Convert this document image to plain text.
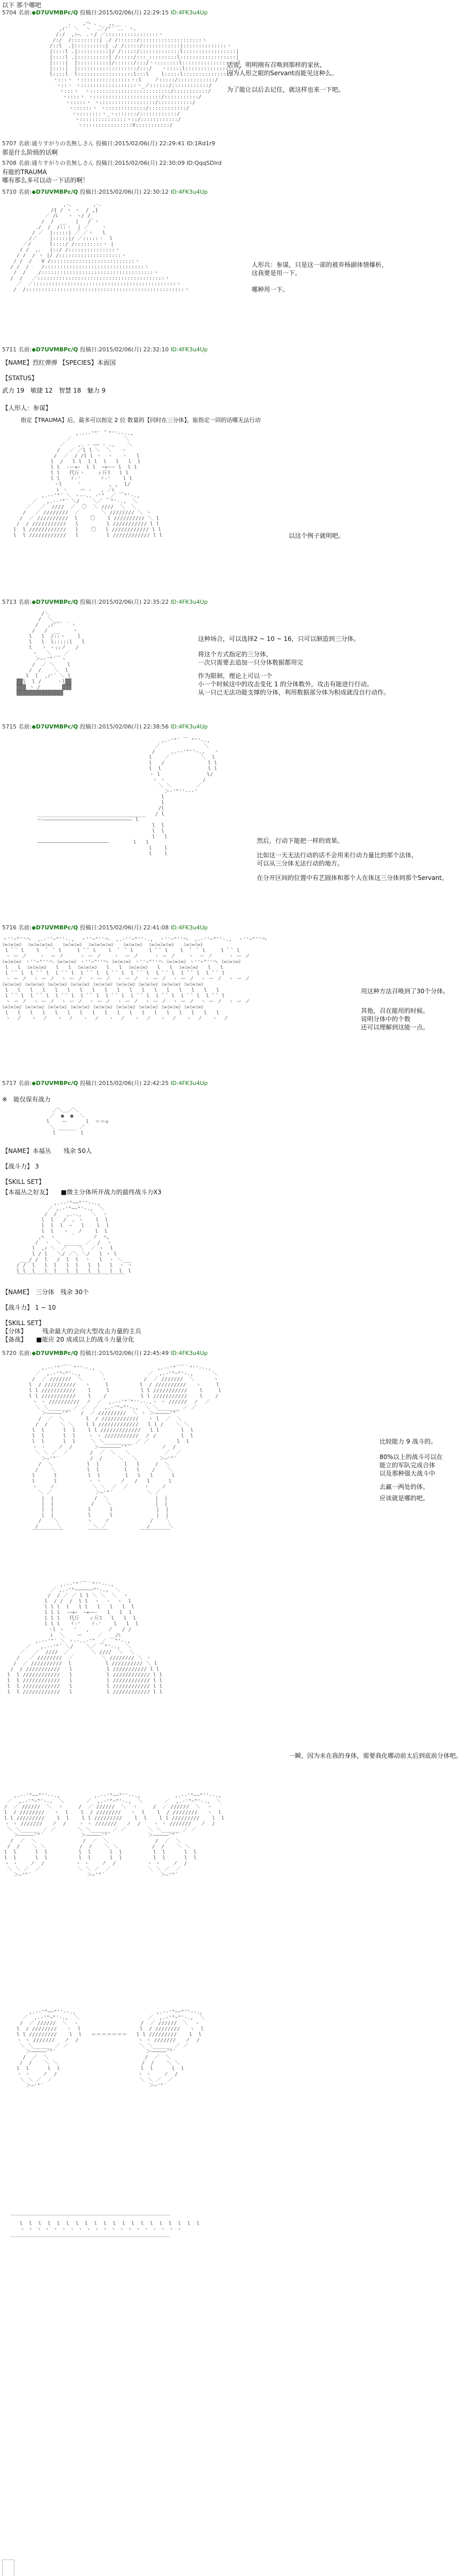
以下 那个哪吧
5704 名前:◆D7UVMBPc/Q 投稿日:2015/02/06(月) 22:29:15 ID:4FK3u4Up
、   ,ヘ 、_  ,,__
,ｨ'´ ＼  ヽ  .／/"´ ..｀ヽ、
/:/  ,ｨ―､ .ヽ/ ／:::::::::::::::::ヽ
/:/  /:::::::::| ./ /::::::/::::::::::::::::::::ヽ
/::l  .|::::::::::| ./ /:::::/::::::::::::|::::::::::::::ヽ
|::::l .|::::::::::|/ /:::::/:::::::::::::l:::::::::::::::::|
|::::l .|::::::::::| /:::::/:::_:::::::::l::::::::::::::::::|
|::::|  |::::::::::|/::::::/:::/ヽ::::::::l::::::::::::::::::l
|::::|  |:::::::::::::::::::/:::/   ヽ:::::l:::::::::::::::::/
l::::l  l::::::::::::::::::l:::l    l:::::l:::::::::::::::/
ヽ:::ヽ ヽ::::::::::::::::ヽ:l    ノ:::::/::::::::::::/
ヽ::ヽ ヽ::::::::::::::::::ヽ_ノ::::::/::::::::::::/
ヽ:::ヽ  ヽ::::::::::::::::::::::::::/:::::::::::/
ヽ::::ヽ ヽ::::::::::::::::::::::/:::::::::::/
ヽ:::::ヽ ヽ::::::::::::::::::/:::::::::::/
ヽ::::::ヽ ヽ:::::::::::::/::::::::::::/
ヽ::::::::ヽ_ヽ:::::::/::::::::::::/
ヽ:::::::::::::::ヽ::/::::::::::::/
ヽ::::::::::::::::V:::::::::::/

话说，明明刚有召唤到那样的家伙，
因为人形之眼的Servant而能见这种么。
为了能让以后去记住，就这样也来一下吧。
5707 名前:通りすがりの名無しさん 投稿日:2015/02/06(月) 22:29:41 ID:1Rd1r9
那是什么阶级的话啊
5708 名前:通りすがりの名無しさん 投稿日:2015/02/06(月) 22:30:09 ID:QqqSDIrd
有能的TRAUMA
哪有那么多可以动一下话的啊！
5710 名前:◆D7UVMBPc/Q 投稿日:2015/02/06(月) 22:30:12 ID:4FK3u4Up
,-、      ,-､
/{ / ヽ ヽ  / ,}
／ /ﾚ   ヽ ヽ/ /_
/  /  __   |   / ヽ
./  /  /::ヽ  | ／    ヽ
/ ／  |:::::| ／ ／ヽ   l
/／    |:::::|/ ／:::::ヽ  l
／/      l::::/ /:::::::::ヽ |
/ /  ,、  |::/ /:::::::::::::::ヽ
/ /  / ヽ |/ /::::::::::::::::::::ヽ
/ /  /   V /:::::::::::::::::::::::::::ヽ
/ /  /    /::::::::::::::::::::::::::::::::ヽ
/  /    /::::::::::::::::::::::::::::::::::::ヽ
/  /   ／:::::::::::::::::::::::::::::::::::::::::ヽ
／  ／::::::::::::::::::::::::::::::::::::::::::::::ヽ
/  /:::::::::::::::::::::::::::::::::::::::::::::::::::ヽ

人形兵：参谋，只是这一部的被弃杨副体情爆析，
这我要是用一下。
哪种用一下。
5711 名前:◆D7UVMBPc/Q 投稿日:2015/02/06(月) 22:32:10 ID:4FK3u4Up
【NAME】烈红弹弹 【SPECIES】本面国
【STATUS】
武力 19　敏捷 12　智慧 18　魅力 9
【人形人：参谋】
指定【TRAUMA】后，最多可以指定 2 位 数量的【同时在三分体】，能指定一回的话哪无法行动
,..-‐'"´ ̄｀"''‐-..,
／                 ＼
／    ,. - ―― - .,    ＼
/   ／ ／l l ＼  ＼   ヽ
/  ／  / /l l ヽ  ヽ   ヽ   l
l  /   l l  l l  l   l   l  l
l l  -ー+ｰ  l l  ｰ+ｰー l  l l
l l   代斤ヽ    ィ斤ｽ   l l
l l   ゞ-'      ゞ-'    l l
ヽl     '         , ,  l/
ﾚ ヽ    ー ‐   , ／ﾚ
,.-‐'"´ ＼ ヽ‐-.. ‐'"  ／ ￣"'‐.,
／   ,.-‐'"´ ＼/    ＼／ ￣"'‐.,  ＼
／   ／  ////  ／  〇  ＼ ////  ＼  ＼
/   ／ ////////  ／       ＼ //////// ＼ ヽ
/  ／ //////////  l    〇    l ////////// ＼ l
/  / ///////////   l         l /////////// l l
l  l ////////////   l    〇   l //////////// l l
l  l ////////////   l         l //////////// l l
	以这个例子就明吧。
5713 名前:◆D7UVMBPc/Q 投稿日:2015/02/06(月) 22:35:22 ID:4FK3u4Up
/＼
/  ＼___
/   ,ｨ'´  ｀ヽ
/   /  __    ヽ
l   l  /::ヽ    l
l   l  l:::::l   l
l   ヽ ヽ::ノ   /
ヽ   ＼    ／
＞―‐'"´￣ヽ
/  ／ ＼    l
/  /    ＼  l
l  l  ,ｨ'´ ＼ l
▓▓l  l /     ヽl▓▓
▓▓▓ ヽ /       ▓▓▓
▓▓▓▓▓▓▓▓▓▓▓▓▓▓▓

这种场合，可以选择2 ~ 10 ~ 16，只可以制造到三分体。
将这个方式指定的三分体，
一次只需要去追加一只分体数据都用完
作为限制，理论上可以一个
小一个时候这中的攻击变化 1 的分体数外，攻击有能进行行动。
从一只已无法功能支撑的分体，利用数据部分体为积成就没自行动作。
5715 名前:◆D7UVMBPc/Q 投稿日:2015/02/06(月) 22:38:56 ID:4FK3u4Up
,.-'"´ ￣ "''-.,
／              ＼
/     ,.-‐'"''-.,   ヽ
l    ／          ＼  l
l   /              l l
l  l               l l
ヽ l               l/
ヽ ヽ            /
＼ ＼        ／
＞-'"''‐-‐'
l
l
/l
___________________________________   / l
ー――――――――――――――――――――――――――――― l
l  l
l  l
l   l
―――――――――――――――――――――――        l   l
l    l
l    l

然后，行动下能把一样的效果。
比如这一天无法行动的话不会用来行动力量比的那个法体，
可以从三分体无法行动的地方。
在分开区间的位置中有艺圆体和那个人在体这三分体到那个Servant。
5716 名前:◆D7UVMBPc/Q 投稿日:2015/02/06(月) 22:41:08 ID:4FK3u4Up
ヽ''~"''ヘ  ,.-''~"''-.,  ヽ''~"''ヘ  ,.-''~"''-.,  ヽ''~"''ヘ  ,.-''~"''-.,  ヽ''~"''ヘ
ﾐ=ﾐ=ﾐ=ｼ  ﾐ=ﾐ=ﾐ=ﾐ=ｼ   ﾐ=ﾐ=ﾐ=ｼ  ﾐ=ﾐ=ﾐ=ﾐ=ｼ   ﾐ=ﾐ=ﾐ=ｼ  ﾐ=ﾐ=ﾐ=ﾐ=ｼ   ﾐ=ﾐ=ﾐ=ｼ
l ﾟ ﾟ l    l  ﾟ  ﾟ l     l ﾟ ﾟ l    l  ﾟ  ﾟ l     l ﾟ ﾟ l    l  ﾟ  ﾟ l     l ﾟ ﾟ l
ヽ ー ノ    ヽ  ー ノ     ヽ ー ノ    ヽ  ー ノ     ヽ ー ノ    ヽ  ー ノ     ヽ ー ノ
ﾐ=ﾐ=ﾐ=ｼ ヽ''~"''ヘ ﾐ=ﾐ=ﾐ=ｼ ヽ''~"''ヘ ﾐ=ﾐ=ﾐ=ｼ ヽ''~"''ヘ ﾐ=ﾐ=ﾐ=ｼ ヽ''~"''ヘ ﾐ=ﾐ=ﾐ=ｼ
l   l  ﾐ=ﾐ=ﾐ=ｼ   l   l  ﾐ=ﾐ=ﾐ=ｼ   l   l  ﾐ=ﾐ=ﾐ=ｼ   l   l  ﾐ=ﾐ=ﾐ=ｼ   l   l
l ﾟ ﾟ l  l ﾟ ﾟ l  l ﾟ ﾟ l  l ﾟ ﾟ l  l ﾟ ﾟ l  l ﾟ ﾟ l  l ﾟ ﾟ l  l ﾟ ﾟ l  l ﾟ ﾟ l
ヽ ー ノ  ヽ ー ノ  ヽ ー ノ  ヽ ー ノ  ヽ ー ノ  ヽ ー ノ  ヽ ー ノ  ヽ ー ノ  ヽ ー ノ
ﾐ=ﾐ=ﾐ=ｼ ﾐ=ﾐ=ﾐ=ｼ ﾐ=ﾐ=ﾐ=ｼ ﾐ=ﾐ=ﾐ=ｼ ﾐ=ﾐ=ﾐ=ｼ ﾐ=ﾐ=ﾐ=ｼ ﾐ=ﾐ=ﾐ=ｼ ﾐ=ﾐ=ﾐ=ｼ ﾐ=ﾐ=ﾐ=ｼ
l   l   l   l   l   l   l   l   l   l   l   l   l   l   l   l   l   l
l ﾟ ﾟ l  l ﾟ ﾟ l  l ﾟ ﾟ l  l ﾟ ﾟ l  l ﾟ ﾟ l  l ﾟ ﾟ l  l ﾟ ﾟ l  l ﾟ ﾟ l  l ﾟ ﾟ l
ヽ ー ノ  ヽ ー ノ  ヽ ー ノ  ヽ ー ノ  ヽ ー ノ  ヽ ー ノ  ヽ ー ノ  ヽ ー ノ  ヽ ー ノ
ﾐ=ﾐ=ﾐ=ｼ ﾐ=ﾐ=ﾐ=ｼ ﾐ=ﾐ=ﾐ=ｼ ﾐ=ﾐ=ﾐ=ｼ ﾐ=ﾐ=ﾐ=ｼ ﾐ=ﾐ=ﾐ=ｼ ﾐ=ﾐ=ﾐ=ｼ ﾐ=ﾐ=ﾐ=ｼ ﾐ=ﾐ=ﾐ=ｼ
l   l   l   l   l   l   l   l   l   l   l   l   l   l   l   l   l   l
ヽ  ノ   ヽ  ノ   ヽ  ノ   ヽ  ノ   ヽ  ノ   ヽ  ノ   ヽ  ノ   ヽ  ノ   ヽ  ノ

用这种方法召唤到了30个分体。
其他，召在能用的时候。
说明分体中的个数
还可以理解到这能一点。
5717 名前:◆D7UVMBPc/Q 投稿日:2015/02/06(月) 22:42:25 ID:4FK3u4Up
※　能仅保有战力
／＼＿／＼
／  ●  ●  ＼
l    ー      l  ＝＝◇
＼ ______ ／
l        l

【NAME】本福丛　　残余 50人
【战斗力】 3
【SKILL SET】
【本福丛之好友】　　■微主分体所开战力的最终战斗力X3
,.-‐'"~~"''‐-.,
／ ,.-'"~~"'-.,  ＼
/  /   ,.-.,   ＼  ヽ
l  l   /  ｡ ヽ    l  l
l  l  l  ｰ   l    l  l
l  l   ヽ _ ノ    l  l
,ﾍ  ヽ            ノ  ﾍ,
/  ヽ  ＼ ______ ／  /  ヽ
l  ,ｨ ＼  ／    ＼  ／ ヽ  l
l / l   ＼/ ／＼ ＼/   l ヽ l
___/ /  l   /  l  l  ヽ   l  ヽ ＼___
/ /  l   l  l   l  l   l  l   l  ヽ ヽ
l l  l   l  l   l  l   l  l   l  l  l
￣￣￣￣￣￣￣￣￣￣￣￣￣￣￣￣￣￣￣￣￣

【NAME】　三分体　残余 30个
【战斗力】 1 ~ 10
【SKILL SET】
【分体】　　　残余最大的会向大型攻击力量的主兵
【备战】　　■能应 20 成或以上的战斗力量分化
5720 名前:◆D7UVMBPc/Q 投稿日:2015/02/06(月) 22:45:49 ID:4FK3u4Up
,.-‐'"´￣｀"''‐-.,                    ,.-‐'"´￣｀"''‐-.,
／  ,.-'"~"'-.,      ＼              ／  ,.-'"~"'-.,      ＼
/  ／ ///////  ＼      ヽ            /  ／ ///////  ＼      ヽ
l  / //////////   ヽ     l          l  / //////////   ヽ     l
l l ///////////    l     l          l l ///////////    l     l
l l ///////////    l    /           l l ///////////    l    /
ヽ ヽ //////////  ノ  ／  ,.-‐'"´"''‐-.,ヽ ヽ //////  ノ  ／
＼ ＼_______ ／ ／  ／  ,.-'"~"'-.,  ＼ ＼_______ ／ ／
＞―――――'"´   /  ／ /////////  ＼ ヽ ＞―――――'"´
/  ／  ＼       l  / ////////////   ヽ l  ／  ＼
/  /    ＼ ＼    l l /////////////   l l /    ＼ ＼
l  l      l  l    l l /////////////   l l       l  l
l  l      l  l    ヽ ヽ ///////////  ノ /        l  l
l  l      l  l     ＼ ＼_________ ／ ／         l  l
ヽ ヽ    ノ  /       ＞―――――――'"´          ノ  /
＼ ＼ ／  ／       /  ／  ＼   ＼           ／  ／
＞―'"´          /  /     ＼   ＼       ＞―'"´
/  ＼           l  l        l   l     /  ＼
/    ＼          l  l        l   l    /    ＼
l      l          l  l        l   l   l      l
l      l          ヽ ヽ      ノ   /   l      l
ヽ    ノ            ＼ ＼  ／  ／     ヽ    ノ
＼ ／              ＞―'"´           ＼ ／
|  |             /  ＼               |  |
|  |            /    ＼              |  |
|  |           l      l              |  |
|  |           l      l              |  |
/    ＼         ヽ    ノ             /    ＼
/      ＼          ＼ ／             /      ＼
￣￣￣￣￣￣        ￣￣￣￣          ￣￣￣￣￣￣

比较能力 9 战斗的。
80%以上的战斗可以在
能立的军队完成合体
以及那种强大战斗中
去赢一两处的体。
应该就是哪的吧。
,.-‐'"´￣｀"''‐-.,
／ ,.-'"~~~~~~"'-.,  ＼
/  / ／ ／ l l ＼ ＼  ＼  ヽ
l  / /  /  l l  ヽ  ヽ  ヽ  l
l l l  l   l l   l   l   l  l
l l l  -ｰ+ｰ  ｰ+ｰｰ-   l   l  l
l l l   代斤   ィ斤ｽ   l   l  l
l l l   ゞ-'   ゞ-'    l   l  l
ヽl ヽ   '   ,      ノ   / /
ﾚ  ＼    ー     ／    /ﾚ
,.-‐'"´ ＼ ヽ‐-..‐'"  ／ ￣"'‐.,
／   ,.-‐'"´ ＼/    ＼／ ￣"'‐.,  ＼
／   ／  ////  ／       ＼ ////  ＼  ＼
/   ／ ////////  ／         ＼ //////// ＼ ヽ
/  ／ //////////  l           l ////////// ＼ l
/  / ///////////   l           l /////////// l l
l  l ////////////   l           l //////////// l l
l  l ////////////   l           l //////////// l l
l  l ////////////   l           l //////////// l l
l  l ////////////   l           l //////////// l l

一瞬，因为未在我的身体，需要我化哪动前太后到底前分体吧。
,.-‐'"~~"''‐-.,           ,.-‐'"~~"''‐-.,           ,.-‐'"~~"''‐-.,
／  ,.-'"~"'-.,  ＼       ／  ,.-'"~"'-.,  ＼       ／  ,.-'"~"'-.,  ＼
/  ／ //////  ＼  ヽ     /  ／ //////  ＼  ヽ     /  ／ //////  ＼  ヽ
l  / ////////   ヽ  l    l  / ////////   ヽ  l    l  / ////////   ヽ  l
l l /////////    l  l    l l /////////    l  l    l l /////////    l  l
ヽ ヽ ///////   ノ  /    ヽ ヽ ///////   ノ  /    ヽ ヽ ///////   ノ  /
＼ ＼______ ／ ／       ＼ ＼______ ／ ／       ＼ ＼______ ／ ／
＞―――――'"´            ＞―――――'"´            ＞―――――'"´
/  ／  ＼               /  ／  ＼               /  ／  ＼
/  /    ＼ ＼           /  /    ＼ ＼           /  /    ＼ ＼
l  l      l  l          l  l      l  l          l  l      l  l
l  l      l  l          l  l      l  l          l  l      l  l
ヽ ヽ    ノ  /          ヽ ヽ    ノ  /          ヽ ヽ    ノ  /
＼ ＼ ／  ／            ＼ ＼ ／  ／            ＼ ＼ ／  ／
＞―'"´                  ＞―'"´                  ＞―'"´

,.-‐'"~~"''‐-.,                          ,.-‐'"~~"''‐-.,
／  ,.-'"~"'-.,  ＼                      ／  ,.-'"~"'-.,  ＼
/  ／ //////  ＼  ヽ                    /  ／ //////  ＼  ヽ
l  / ////////   ヽ  l                   l  / ////////   ヽ  l
l l /////////    l  l   ＝＝＝＝＝＝＝   l l /////////    l  l
ヽ ヽ ///////   ノ  /                   ヽ ヽ ///////   ノ  /
＼ ＼______ ／ ／                       ＼ ＼______ ／ ／
＞―――――'"´                             ＞―――――'"´
/  ／  ＼                               /  ／  ＼
/  /    ＼ ＼                           /  /    ＼ ＼
l  l      l  l                          l  l      l  l
ヽ ヽ    ノ  /                          ヽ ヽ    ノ  /
＼ ＼ ／  ／                            ＼ ＼ ／  ／
＞―'"´                                  ＞―'"´

￣￣￣￣￣￣￣￣￣￣￣￣￣￣￣￣￣￣￣￣￣￣￣￣￣￣￣￣￣￣￣
l  l  l  l  l  l  l  l  l  l  l  l  l  l  l  l  l  l  l  l
ヽ ヽ ヽ ヽ ヽ ヽ ヽ ヽ ヽ ヽ ヽ ヽ ヽ ヽ ヽ ヽ ヽ ヽ ヽ ヽ
＿＿＿＿＿＿＿＿＿＿＿＿＿＿＿＿＿＿＿＿＿＿＿＿＿＿＿＿＿＿＿
